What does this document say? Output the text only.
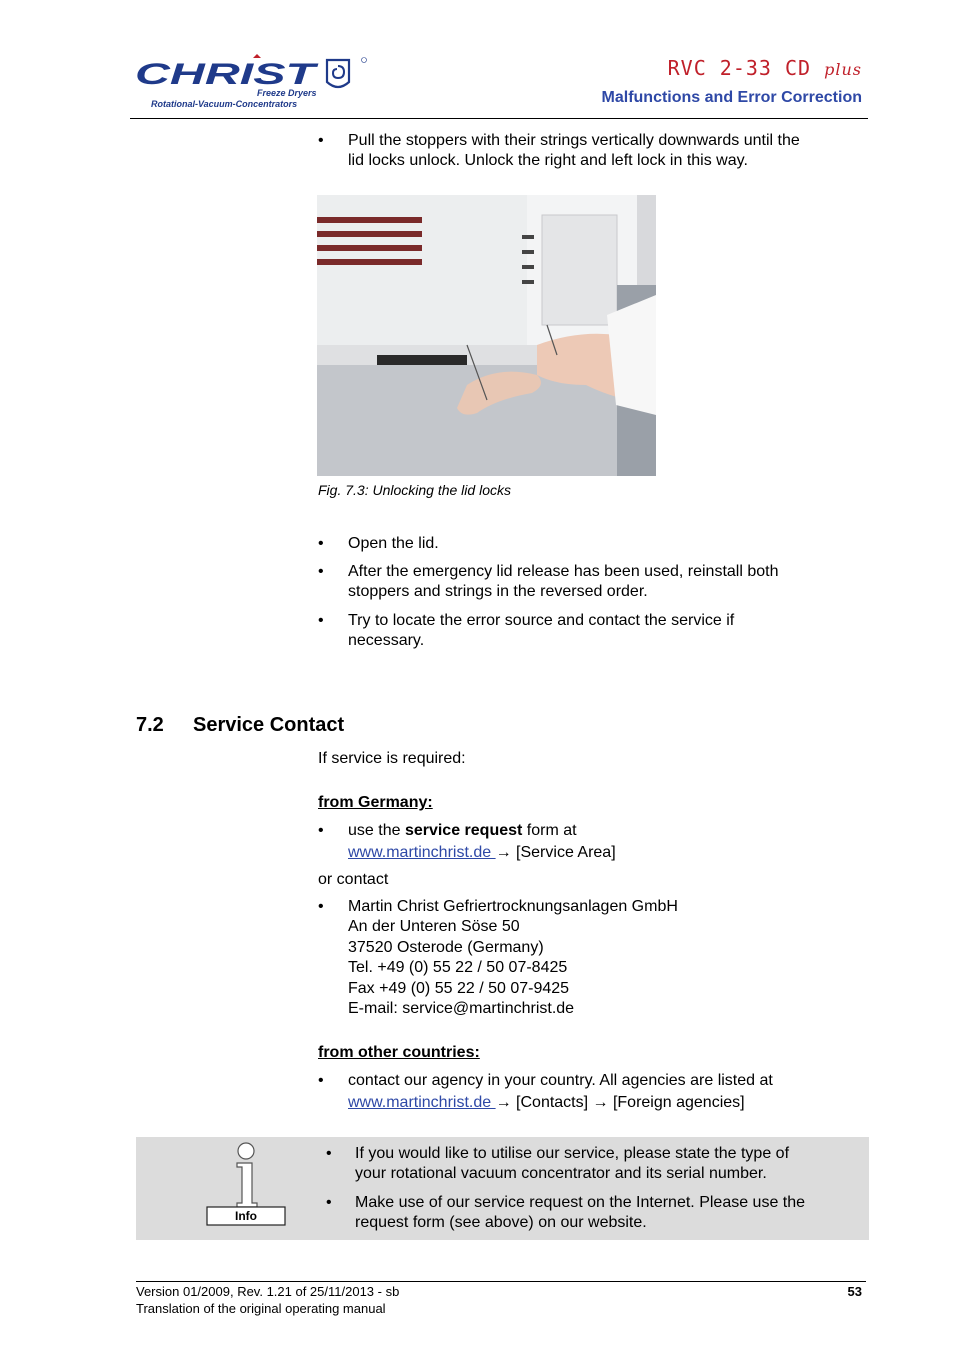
CHRIST
Freeze Dryers
Rotational-Vacuum-Concentrators
RVC 2-33 CD plus
Malfunctions and Error Correction
• Pull the stoppers with their strings vertically downwards until the
lid locks unlock. Unlock the right and left lock in this way.
Fig. 7.3: Unlocking the lid locks
• Open the lid.
• After the emergency lid release has been used, reinstall both
stoppers and strings in the reversed order.
• Try to locate the error source and contact the service if
necessary.
7.2 Service Contact
If service is required:
from Germany:
• use the service request form at
www.martinchrist.de → [Service Area]
or contact
• Martin Christ Gefriertrocknungsanlagen GmbH
An der Unteren Söse 50
37520 Osterode (Germany)
Tel. +49 (0) 55 22 / 50 07-8425
Fax +49 (0) 55 22 / 50 07-9425
E-mail: service@martinchrist.de
from other countries:
• contact our agency in your country. All agencies are listed at
www.martinchrist.de → [Contacts] → [Foreign agencies]
Info
• If you would like to utilise our service, please state the type of
your rotational vacuum concentrator and its serial number.
• Make use of our service request on the Internet. Please use the
request form (see above) on our website.
Version 01/2009, Rev. 1.21 of 25/11/2013 - sb
Translation of the original operating manual
53
